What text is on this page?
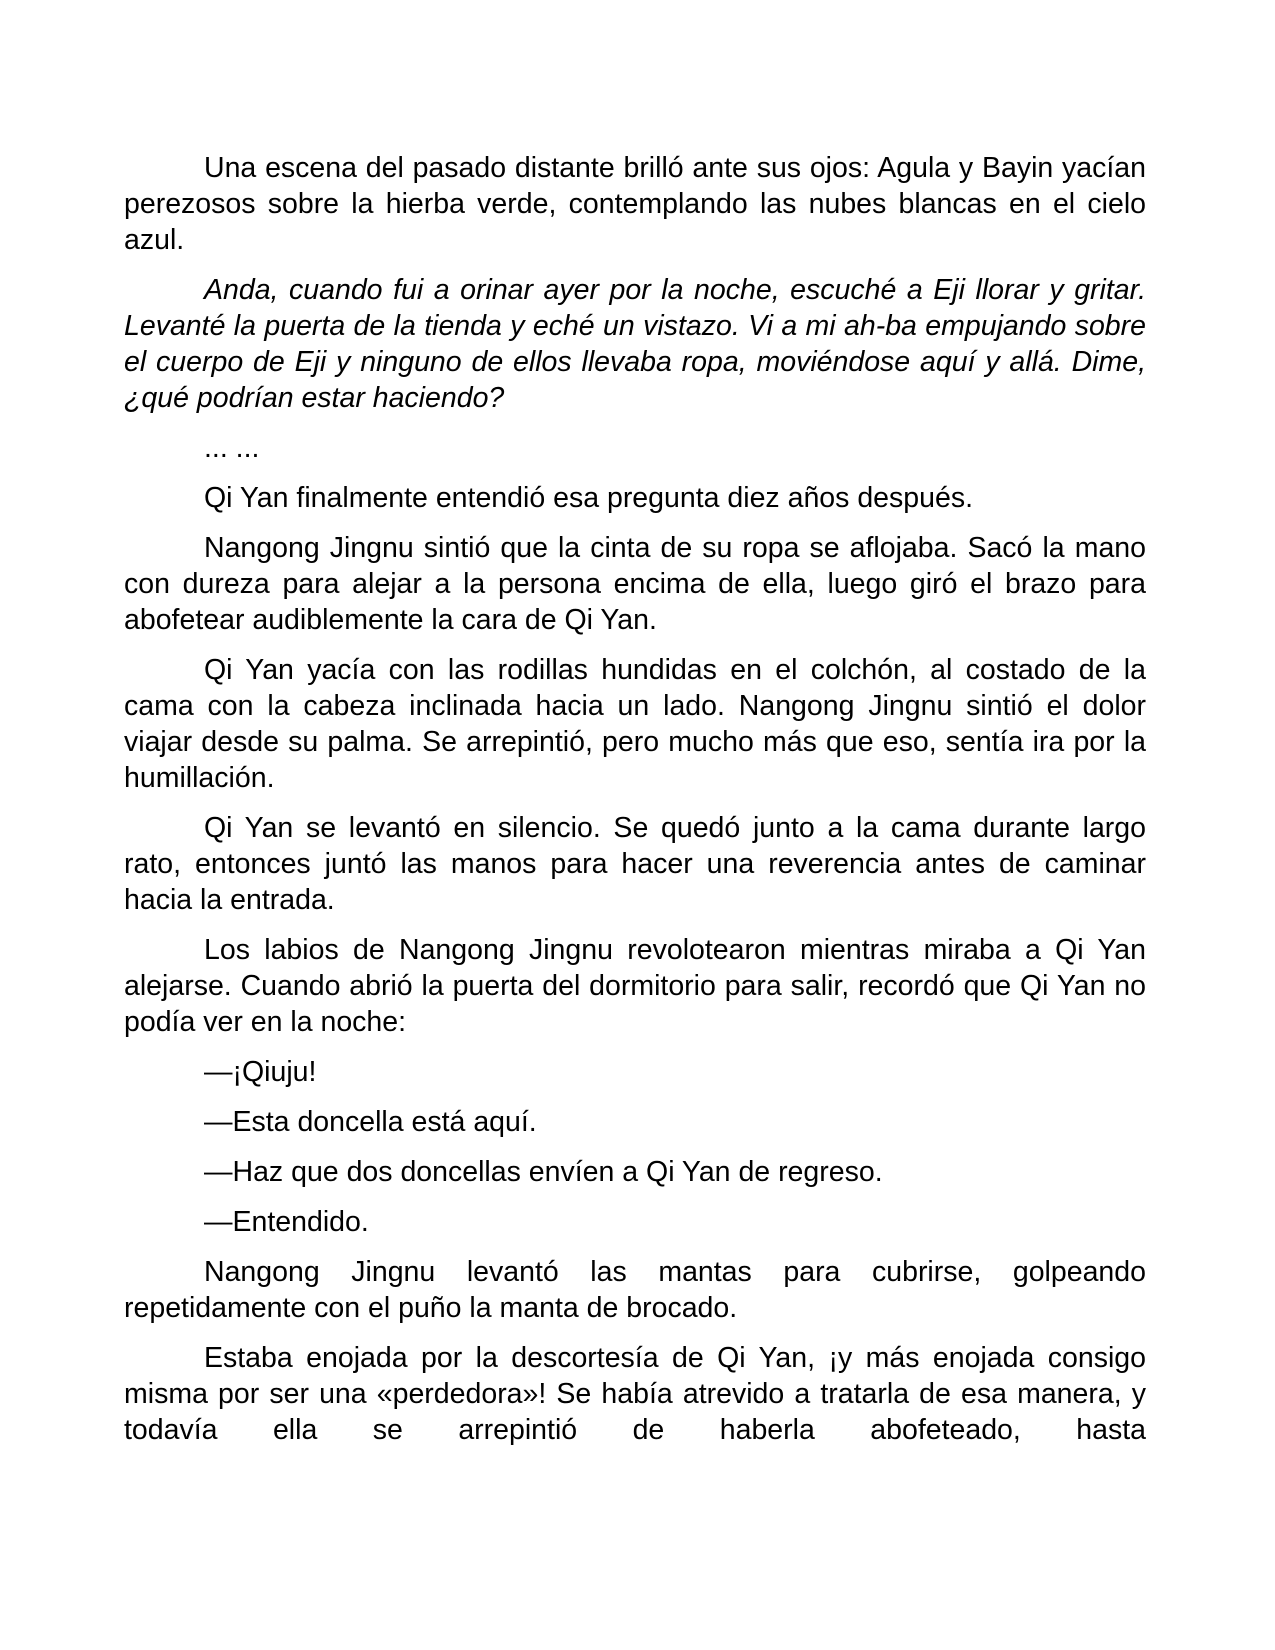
Una escena del pasado distante brilló ante sus ojos: Agula y Bayin yacían perezosos sobre la hierba verde, contemplando las nubes blancas en el cielo azul.

Anda, cuando fui a orinar ayer por la noche, escuché a Eji llorar y gritar. Levanté la puerta de la tienda y eché un vistazo. Vi a mi ah-ba empujando sobre el cuerpo de Eji y ninguno de ellos llevaba ropa, moviéndose aquí y allá. Dime, ¿qué podrían estar haciendo?

... ...

Qi Yan finalmente entendió esa pregunta diez años después.

Nangong Jingnu sintió que la cinta de su ropa se aflojaba. Sacó la mano con dureza para alejar a la persona encima de ella, luego giró el brazo para abofetear audiblemente la cara de Qi Yan.

Qi Yan yacía con las rodillas hundidas en el colchón, al costado de la cama con la cabeza inclinada hacia un lado. Nangong Jingnu sintió el dolor viajar desde su palma. Se arrepintió, pero mucho más que eso, sentía ira por la humillación.

Qi Yan se levantó en silencio. Se quedó junto a la cama durante largo rato, entonces juntó las manos para hacer una reverencia antes de caminar hacia la entrada.

Los labios de Nangong Jingnu revolotearon mientras miraba a Qi Yan alejarse. Cuando abrió la puerta del dormitorio para salir, recordó que Qi Yan no podía ver en la noche:

—¡Qiuju!

—Esta doncella está aquí.

—Haz que dos doncellas envíen a Qi Yan de regreso.

—Entendido.

Nangong Jingnu levantó las mantas para cubrirse, golpeando repetidamente con el puño la manta de brocado.

Estaba enojada por la descortesía de Qi Yan, ¡y más enojada consigo misma por ser una «perdedora»! Se había atrevido a tratarla de esa manera, y todavía ella se arrepintió de haberla abofeteado, hasta
